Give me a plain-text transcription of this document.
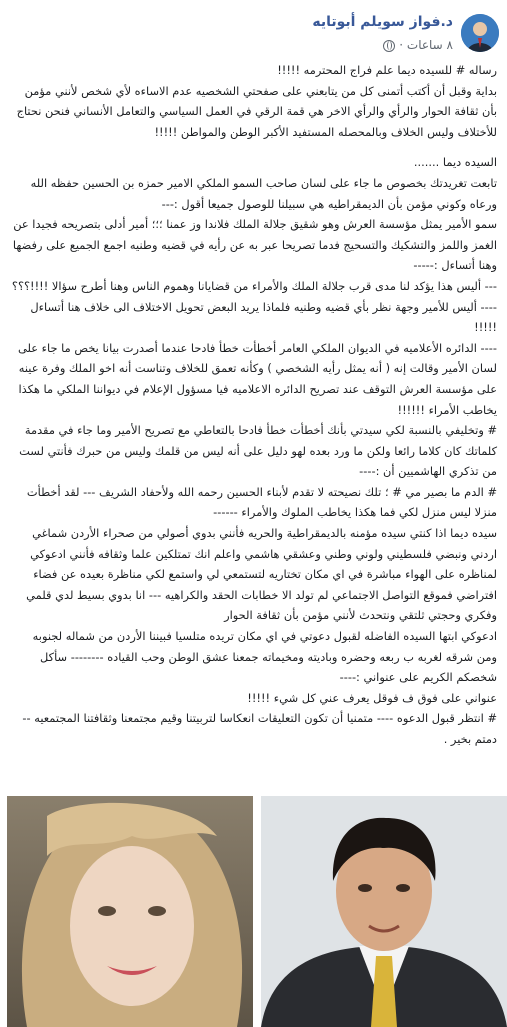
د.فواز سويلم أبوتايه
٨ ساعات ·

رساله # للسيده ديما علم فراج المحترمه !!!!!

بداية وقبل أن أكتب أتمنى كل من يتابعني على صفحتي الشخصيه عدم الاساءه لأي شخص لأنني مؤمن بأن ثقافة الحوار والرأي والرأي الاخر هي قمة الرقي في العمل السياسي والتعامل الأنساني فنحن نحتاج للأختلاف وليس الخلاف وبالمحصله المستفيد الأكبر الوطن والمواطن !!!!!

السيده ديما .......

تابعت تغريدتك بخصوص ما جاء على لسان صاحب السمو الملكي الامير حمزه بن الحسين حفظه الله ورعاه وكوني مؤمن بأن الديمقراطيه هي سبيلنا للوصول جميعا أقول :---

سمو الأمير يمثل مؤسسة العرش وهو شقيق جلالة الملك فلاندا وز عمنا ؛؛؛ أمير أدلى بتصريحه فجيدا عن الغمز واللمز والتشكيك والتسحيج فدما تصريحا عبر به عن رأيه في قضيه وطنيه اجمع الجميع على رفضها وهنا أتساءل :-----

--- أليس هذا يؤكد لنا مدى قرب جلالة الملك والأمراء من قضايانا وهموم الناس وهنا أطرح سؤالا !!!!؟؟؟

---- أليس للأمير وجهة نظر بأي قضيه وطنيه فلماذا يريد البعض تحويل الاختلاف الى خلاف هنا أتساءل !!!!!

---- الدائره الأعلاميه في الديوان الملكي العامر أخطأت خطأ فادحا عندما أصدرت بيانا يخص ما جاء على لسان الأمير وقالت إنه ( أنه يمثل رأيه الشخصي ) وكأنه تعمق للخلاف وتناست أنه اخو الملك وفرة عينه على مؤسسة العرش التوقف عند تصريح الدائره الاعلاميه فيا مسؤول الإعلام في ديواننا الملكي ما هكذا يخاطب الأمراء !!!!!!

# وتخليفي بالنسبة لكي سيدتي بأنك أخطأت خطأ فادحا بالتعاطي مع تصريح الأمير وما جاء في مقدمة كلماتك كان كلاما رائعا ولكن ما ورد بعده لهو دليل على أنه ليس من قلمك وليس من حبرك فأنتي لست من تذكري الهاشميين أن :----

# الدم ما بصير مي # ؛ تلك نصيحته لا تقدم لأبناء الحسين رحمه الله ولأحفاد الشريف --- لقد أخطأت منزلا ليس منزل لكي فما هكذا يخاطب الملوك والأمراء ------

سيده ديما اذا كنتي سيده مؤمنه بالديمقراطية والحريه فأنني بدوي أصولي من صحراء الأردن شماغي اردني ونبضي فلسطيني ولوني وطني وعشقي هاشمي واعلم انك تمتلكين علما وثقافه فأنني ادعوكي لمناظره على الهواء مباشرة في اي مكان تختاريه لتستمعي لي واستمع لكي مناظرة بعيده عن فضاء افتراضي فموقع التواصل الاجتماعي لم تولد الا خطابات الحقد والكراهيه --- انا بدوي بسيط لدي قلمي وفكري وحجتي ثلتقي ونتحدث لأنني مؤمن بأن ثقافة الحوار

ادعوكي ابتها السيده الفاضله لقبول دعوتي في اي مكان تريده متلسيا فبيننا الأردن من شماله لجنوبه ومن شرقه لغربه ب ربعه وحضره وباديته ومخيماته جمعنا عشق الوطن وحب القياده -------- سأكل شخصكم الكريم على عنواني :----

عنواني على فوق ف فوقل يعرف عني كل شيء !!!!!

# انتظر قبول الدعوه ---- متمنيا أن تكون التعليقات انعكاسا لتربيتنا وقيم مجتمعنا وثقافتنا المجتمعيه -- دمتم بخير .
